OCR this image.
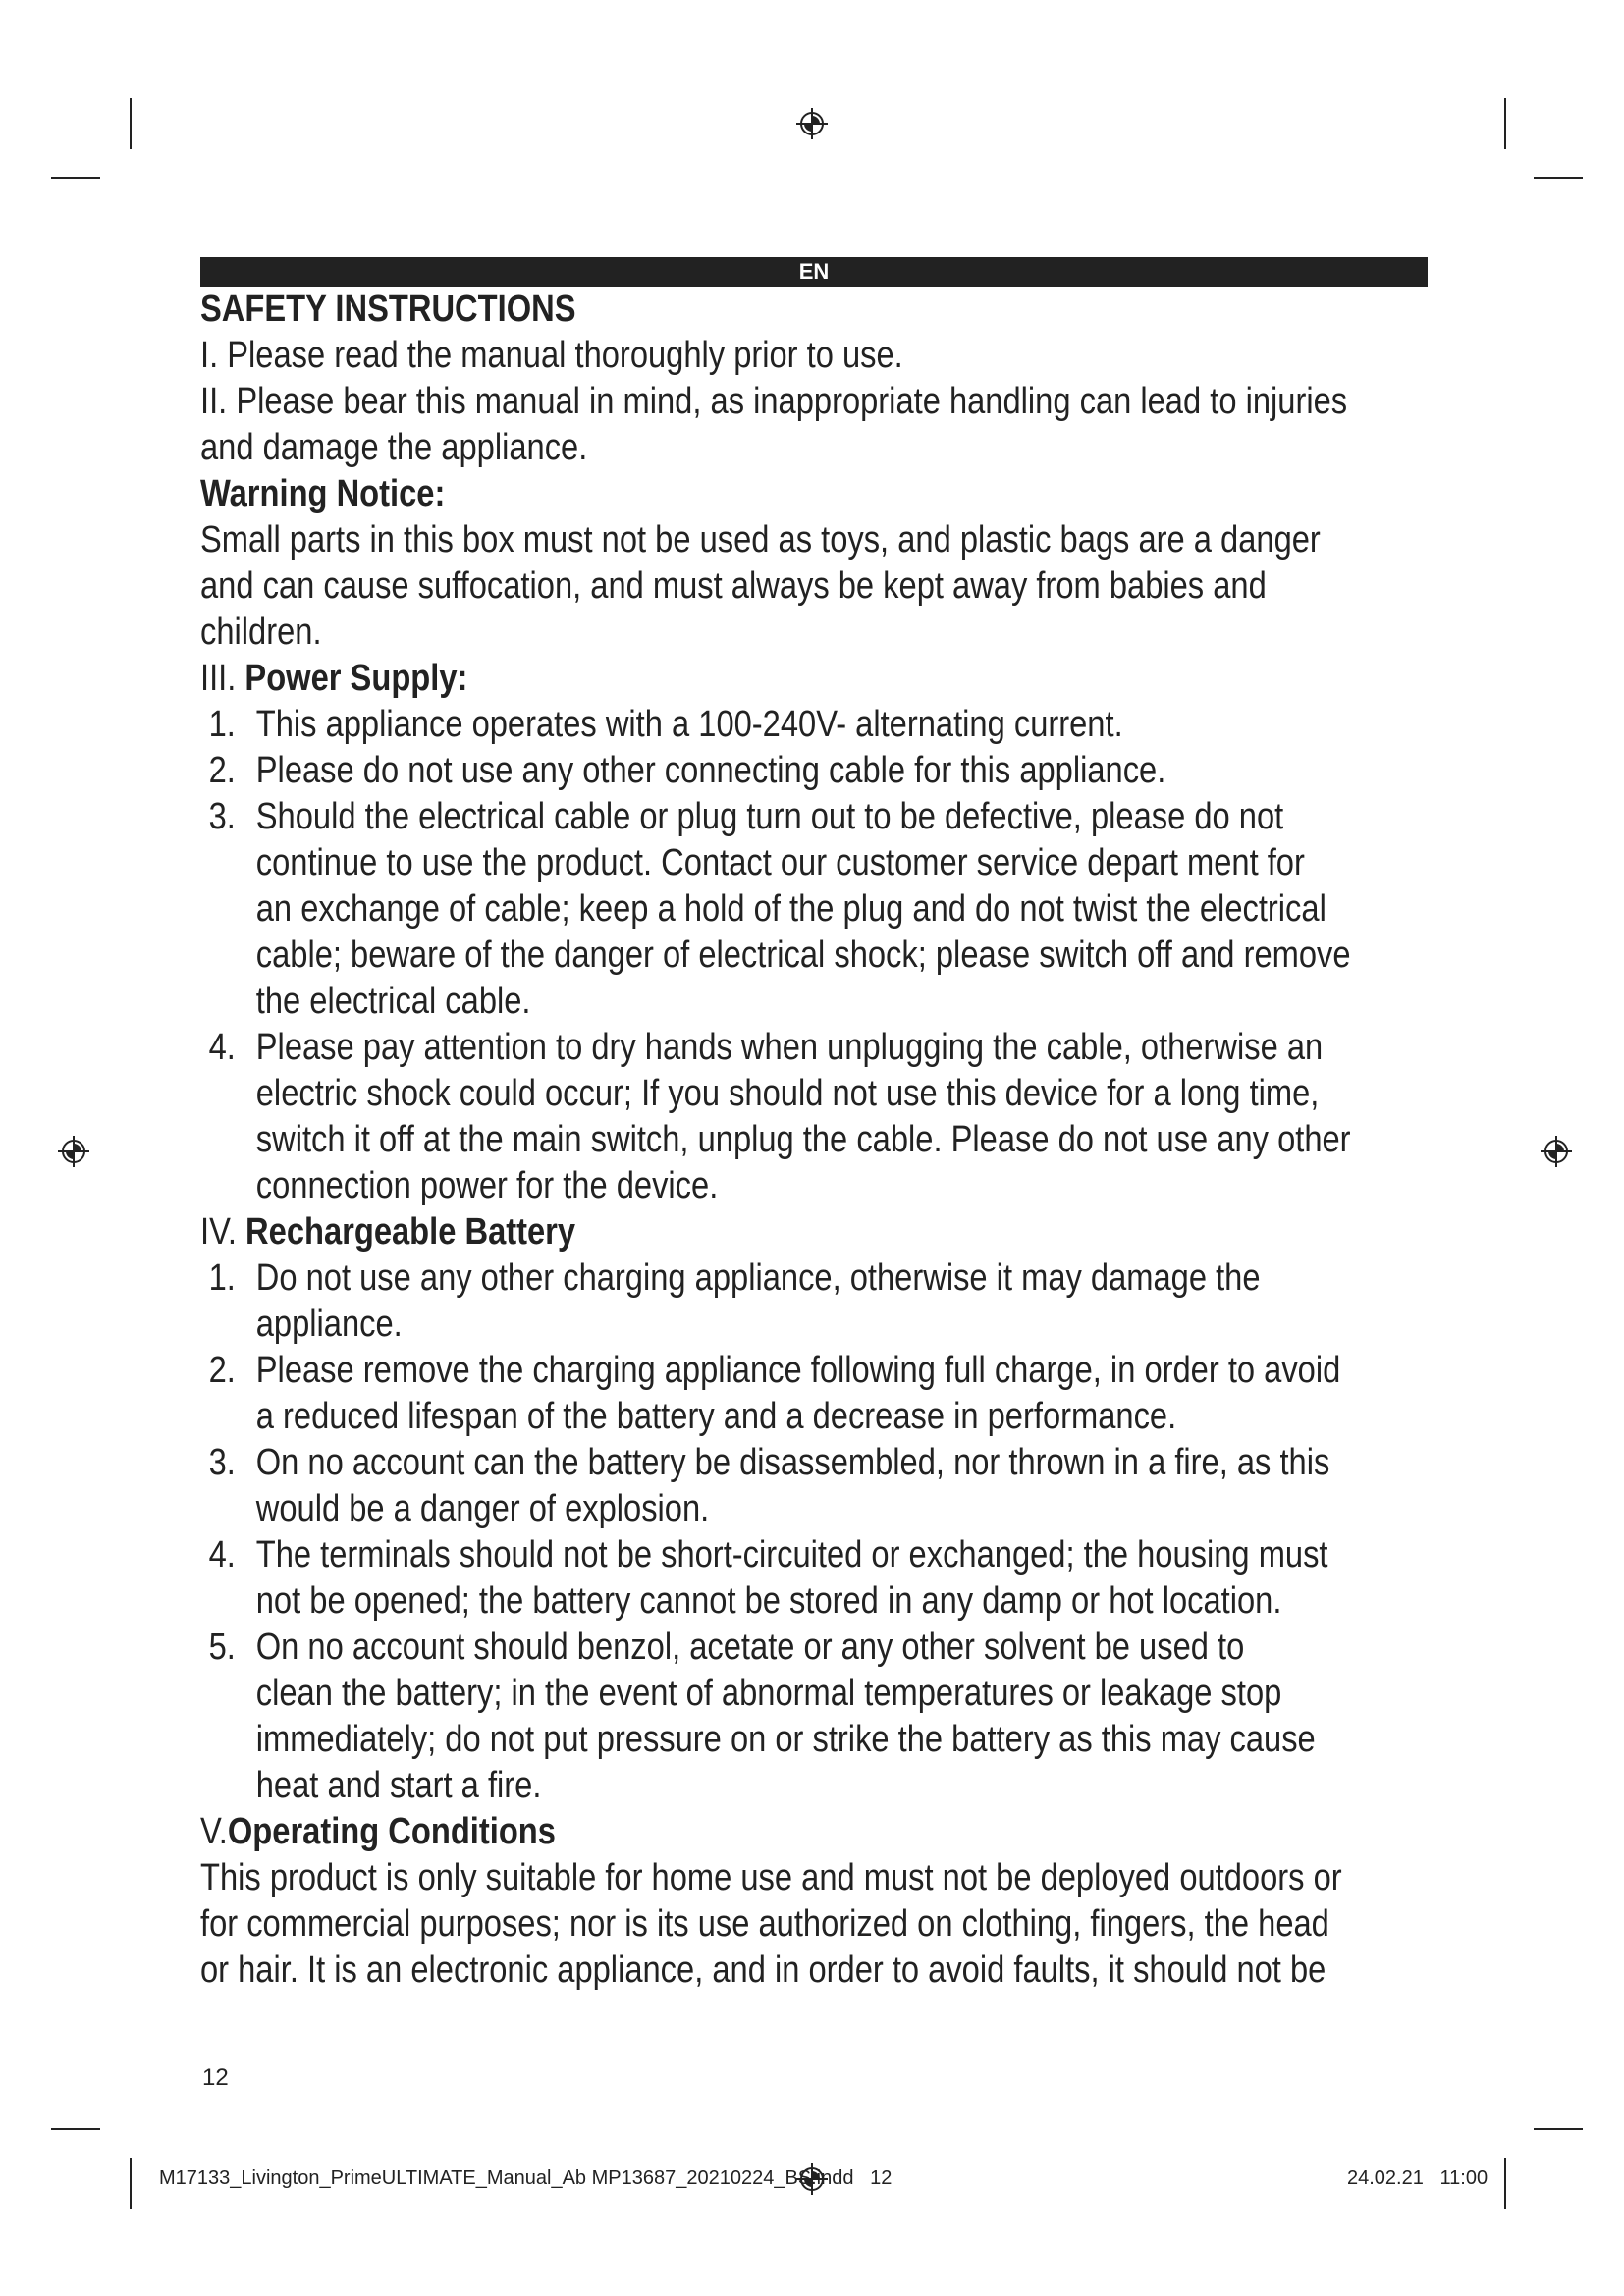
EN
SAFETY INSTRUCTIONS
I. Please read the manual thoroughly prior to use.
II. Please bear this manual in mind, as inappropriate handling can lead to injuries
and damage the appliance.
Warning Notice:
Small parts in this box must not be used as toys, and plastic bags are a danger
and can cause suffocation, and must always be kept away from babies and
children.
III. Power Supply:
1. This appliance operates with a 100-240V- alternating current.
2. Please do not use any other connecting cable for this appliance.
3. Should the electrical cable or plug turn out to be defective, please do not
continue to use the product. Contact our customer service depart ment for
an exchange of cable; keep a hold of the plug and do not twist the electrical
cable; beware of the danger of electrical shock; please switch off and remove
the electrical cable.
4. Please pay attention to dry hands when unplugging the cable, otherwise an
electric shock could occur; If you should not use this device for a long time,
switch it off at the main switch, unplug the cable. Please do not use any other
connection power for the device.
IV. Rechargeable Battery
1. Do not use any other charging appliance, otherwise it may damage the
appliance.
2. Please remove the charging appliance following full charge, in order to avoid
a reduced lifespan of the battery and a decrease in performance.
3. On no account can the battery be disassembled, nor thrown in a fire, as this
would be a danger of explosion.
4. The terminals should not be short-circuited or exchanged; the housing must
not be opened; the battery cannot be stored in any damp or hot location.
5. On no account should benzol, acetate or any other solvent be used to
clean the battery; in the event of abnormal temperatures or leakage stop
immediately; do not put pressure on or strike the battery as this may cause
heat and start a fire.
V.Operating Conditions
This product is only suitable for home use and must not be deployed outdoors or
for commercial purposes; nor is its use authorized on clothing, fingers, the head
or hair. It is an electronic appliance, and in order to avoid faults, it should not be
12
M17133_Livington_PrimeULTIMATE_Manual_Ab MP13687_20210224_BS.indd   12	24.02.21   11:00
